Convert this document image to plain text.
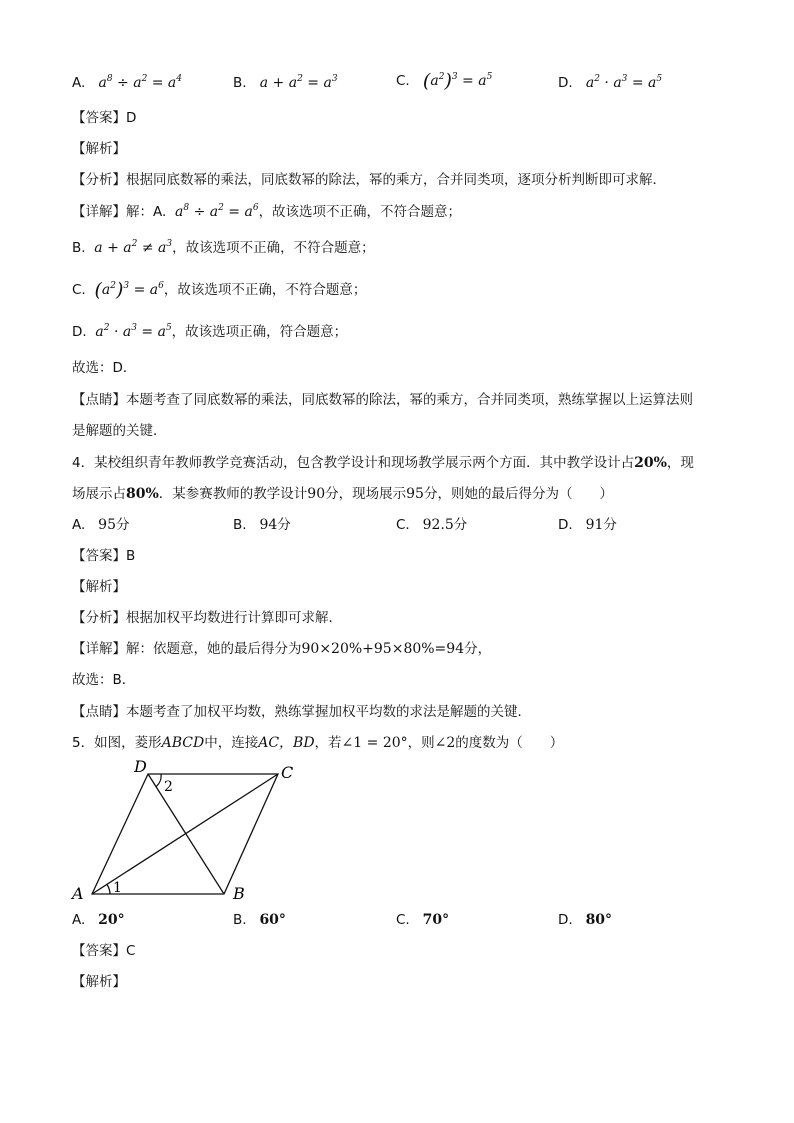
A.   $a^8 \div a^2 = a^4$	B.   $a + a^2 = a^3$	C. $(a^2)^3 = a^5$	D.   $a^2 \cdot a^3 = a^5$
【答案】D
【解析】
【分析】根据同底数幂的乘法，同底数幂的除法，幂的乘方，合并同类项，逐项分析判断即可求解．
【详解】解：A.  $a^8 \div a^2 = a^6$，故该选项不正确，不符合题意；
B.  $a + a^2 \ne a^3$，故该选项不正确，不符合题意；
C. $(a^2)^3 = a^6$，故该选项不正确，不符合题意；
D.  $a^2 \cdot a^3 = a^5$，故该选项正确，符合题意；
故选：D．
【点睛】本题考查了同底数幂的乘法，同底数幂的除法，幂的乘方，合并同类项，熟练掌握以上运算法则
是解题的关键．
4．某校组织青年教师教学竞赛活动，包含教学设计和现场教学展示两个方面．其中教学设计占20%，现
场展示占80%．某参赛教师的教学设计90分，现场展示95分，则她的最后得分为（　　）
A. 95分	B. 94分	C. 92.5分	D. 91分
【答案】B
【解析】
【分析】根据加权平均数进行计算即可求解．
【详解】解：依题意，她的最后得分为90×20%+95×80%=94分，
故选：B．
【点睛】本题考查了加权平均数，熟练掌握加权平均数的求法是解题的关键．
5．如图，菱形ABCD中，连接AC，BD，若∠1 = 20°，则∠2的度数为（　　）
D	C
A	B
1
2
A. 20°	B. 60°	C. 70°	D. 80°
【答案】C
【解析】
